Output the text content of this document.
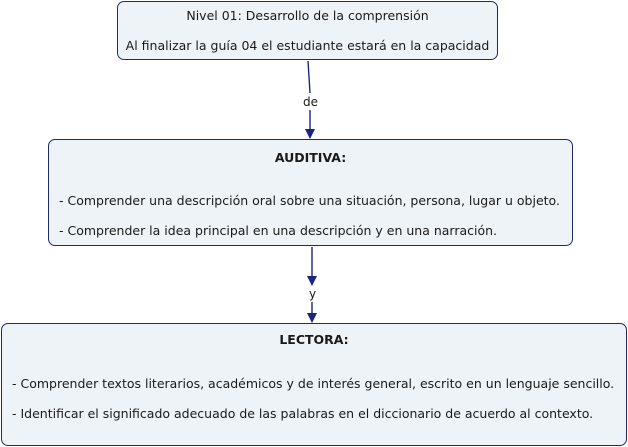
de
y
Nivel 01: Desarrollo de la comprensión
Al finalizar la guía 04 el estudiante estará en la capacidad
AUDITIVA:
- Comprender una descripción oral sobre una situación, persona, lugar u objeto.
- Comprender la idea principal en una descripción y en una narración.
LECTORA:
- Comprender textos literarios, académicos y de interés general, escrito en un lenguaje sencillo.
- Identificar el significado adecuado de las palabras en el diccionario de acuerdo al contexto.
